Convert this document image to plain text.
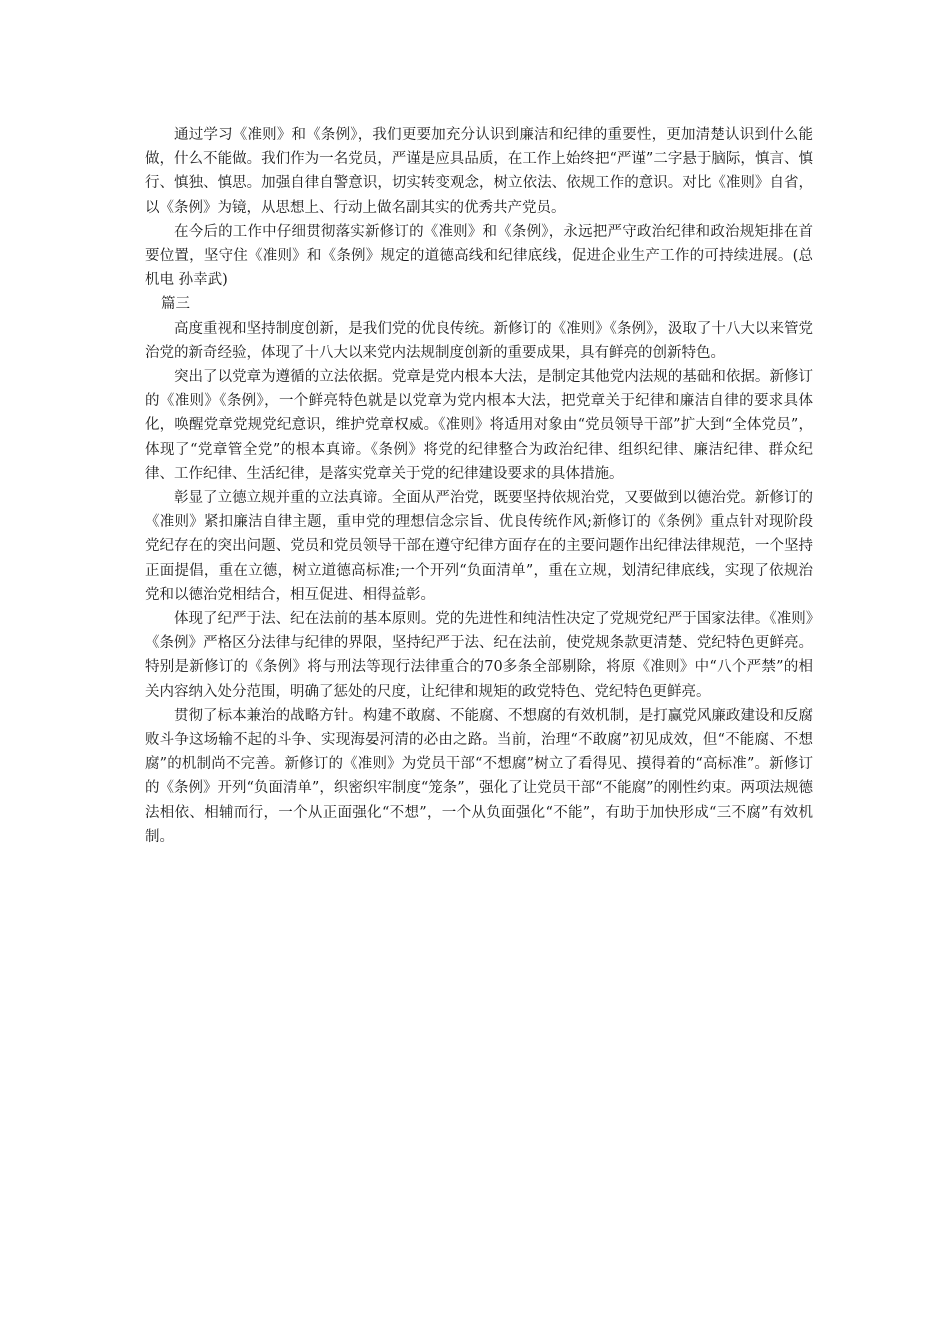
通过学习《准则》和《条例》，我们更要加充分认识到廉洁和纪律的重要性，更加清楚认识到什么能做，什么不能做。我们作为一名党员，严谨是应具品质，在工作上始终把“严谨”二字悬于脑际，慎言、慎行、慎独、慎思。加强自律自警意识，切实转变观念，树立依法、依规工作的意识。对比《准则》自省，以《条例》为镜，从思想上、行动上做名副其实的优秀共产党员。

在今后的工作中仔细贯彻落实新修订的《准则》和《条例》，永远把严守政治纪律和政治规矩排在首要位置，坚守住《准则》和《条例》规定的道德高线和纪律底线，促进企业生产工作的可持续进展。(总机电 孙幸武)

篇三

高度重视和坚持制度创新，是我们党的优良传统。新修订的《准则》《条例》，汲取了十八大以来管党治党的新奇经验，体现了十八大以来党内法规制度创新的重要成果，具有鲜亮的创新特色。

突出了以党章为遵循的立法依据。党章是党内根本大法，是制定其他党内法规的基础和依据。新修订的《准则》《条例》，一个鲜亮特色就是以党章为党内根本大法，把党章关于纪律和廉洁自律的要求具体化，唤醒党章党规党纪意识，维护党章权威。《准则》将适用对象由“党员领导干部”扩大到“全体党员”，体现了“党章管全党”的根本真谛。《条例》将党的纪律整合为政治纪律、组织纪律、廉洁纪律、群众纪律、工作纪律、生活纪律，是落实党章关于党的纪律建设要求的具体措施。

彰显了立德立规并重的立法真谛。全面从严治党，既要坚持依规治党，又要做到以德治党。新修订的《准则》紧扣廉洁自律主题，重申党的理想信念宗旨、优良传统作风;新修订的《条例》重点针对现阶段党纪存在的突出问题、党员和党员领导干部在遵守纪律方面存在的主要问题作出纪律法律规范，一个坚持正面提倡，重在立德，树立道德高标准;一个开列“负面清单”，重在立规，划清纪律底线，实现了依规治党和以德治党相结合，相互促进、相得益彰。

体现了纪严于法、纪在法前的基本原则。党的先进性和纯洁性决定了党规党纪严于国家法律。《准则》《条例》严格区分法律与纪律的界限，坚持纪严于法、纪在法前，使党规条款更清楚、党纪特色更鲜亮。特别是新修订的《条例》将与刑法等现行法律重合的70多条全部剔除，将原《准则》中“八个严禁”的相关内容纳入处分范围，明确了惩处的尺度，让纪律和规矩的政党特色、党纪特色更鲜亮。

贯彻了标本兼治的战略方针。构建不敢腐、不能腐、不想腐的有效机制，是打赢党风廉政建设和反腐败斗争这场输不起的斗争、实现海晏河清的必由之路。当前，治理“不敢腐”初见成效，但“不能腐、不想腐”的机制尚不完善。新修订的《准则》为党员干部“不想腐”树立了看得见、摸得着的“高标准”。新修订的《条例》开列“负面清单”，织密织牢制度“笼条”，强化了让党员干部“不能腐”的刚性约束。两项法规德法相依、相辅而行，一个从正面强化“不想”，一个从负面强化“不能”，有助于加快形成“三不腐”有效机制。
